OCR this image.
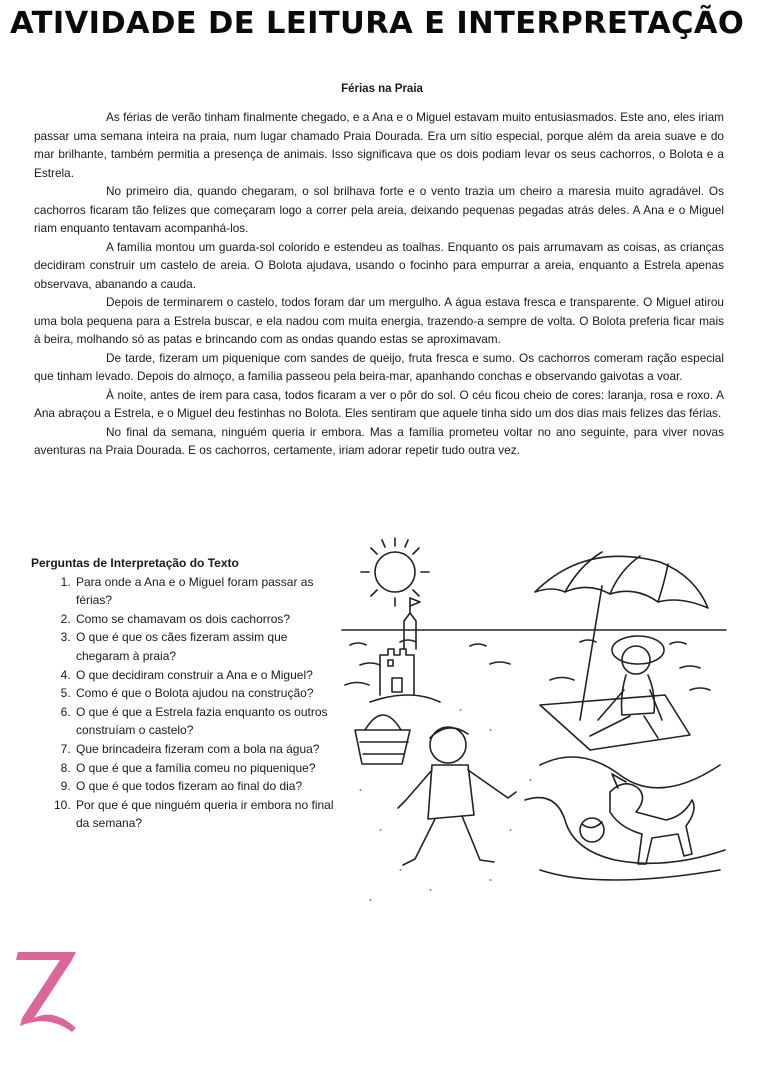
ATIVIDADE DE LEITURA E INTERPRETAÇÃO
Férias na Praia

As férias de verão tinham finalmente chegado, e a Ana e o Miguel estavam muito entusiasmados. Este ano, eles iriam passar uma semana inteira na praia, num lugar chamado Praia Dourada. Era um sítio especial, porque além da areia suave e do mar brilhante, também permitia a presença de animais. Isso significava que os dois podiam levar os seus cachorros, o Bolota e a Estrela.

No primeiro dia, quando chegaram, o sol brilhava forte e o vento trazia um cheiro a maresia muito agradável. Os cachorros ficaram tão felizes que começaram logo a correr pela areia, deixando pequenas pegadas atrás deles. A Ana e o Miguel riam enquanto tentavam acompanhá-los.

A família montou um guarda-sol colorido e estendeu as toalhas. Enquanto os pais arrumavam as coisas, as crianças decidiram construir um castelo de areia. O Bolota ajudava, usando o focinho para empurrar a areia, enquanto a Estrela apenas observava, abanando a cauda.

Depois de terminarem o castelo, todos foram dar um mergulho. A água estava fresca e transparente. O Miguel atirou uma bola pequena para a Estrela buscar, e ela nadou com muita energia, trazendo-a sempre de volta. O Bolota preferia ficar mais à beira, molhando só as patas e brincando com as ondas quando estas se aproximavam.

De tarde, fizeram um piquenique com sandes de queijo, fruta fresca e sumo. Os cachorros comeram ração especial que tinham levado. Depois do almoço, a família passeou pela beira-mar, apanhando conchas e observando gaivotas a voar.

À noite, antes de irem para casa, todos ficaram a ver o pôr do sol. O céu ficou cheio de cores: laranja, rosa e roxo. A Ana abraçou a Estrela, e o Miguel deu festinhas no Bolota. Eles sentiram que aquele tinha sido um dos dias mais felizes das férias.

No final da semana, ninguém queria ir embora. Mas a família prometeu voltar no ano seguinte, para viver novas aventuras na Praia Dourada. E os cachorros, certamente, iriam adorar repetir tudo outra vez.

Perguntas de Interpretação do Texto
1. Para onde a Ana e o Miguel foram passar as férias?
2. Como se chamavam os dois cachorros?
3. O que é que os cães fizeram assim que chegaram à praia?
4. O que decidiram construir a Ana e o Miguel?
5. Como é que o Bolota ajudou na construção?
6. O que é que a Estrela fazia enquanto os outros construíam o castelo?
7. Que brincadeira fizeram com a bola na água?
8. O que é que a família comeu no piquenique?
9. O que é que todos fizeram ao final do dia?
10. Por que é que ninguém queria ir embora no final da semana?
